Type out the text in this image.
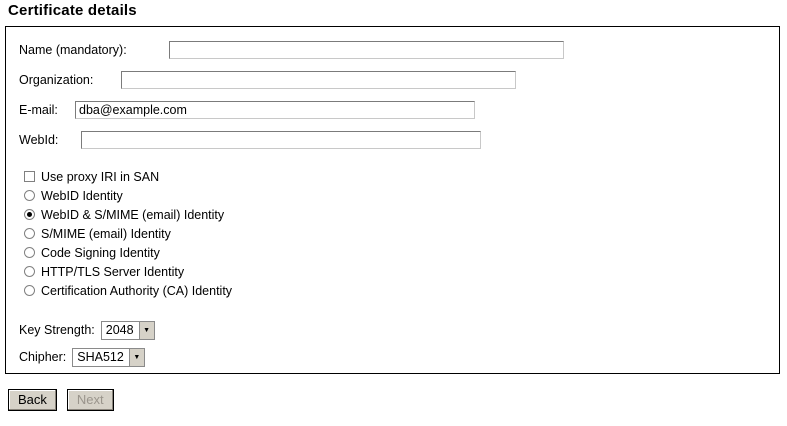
Certificate details
Name (mandatory):
Organization:
E-mail:
dba@example.com
WebId:
Use proxy IRI in SAN
WebID Identity
WebID & S/MIME (email) Identity
S/MIME (email) Identity
Code Signing Identity
HTTP/TLS Server Identity
Certification Authority (CA) Identity
Key Strength: 2048	▼
Chipher: SHA512	▼
Back	Next
